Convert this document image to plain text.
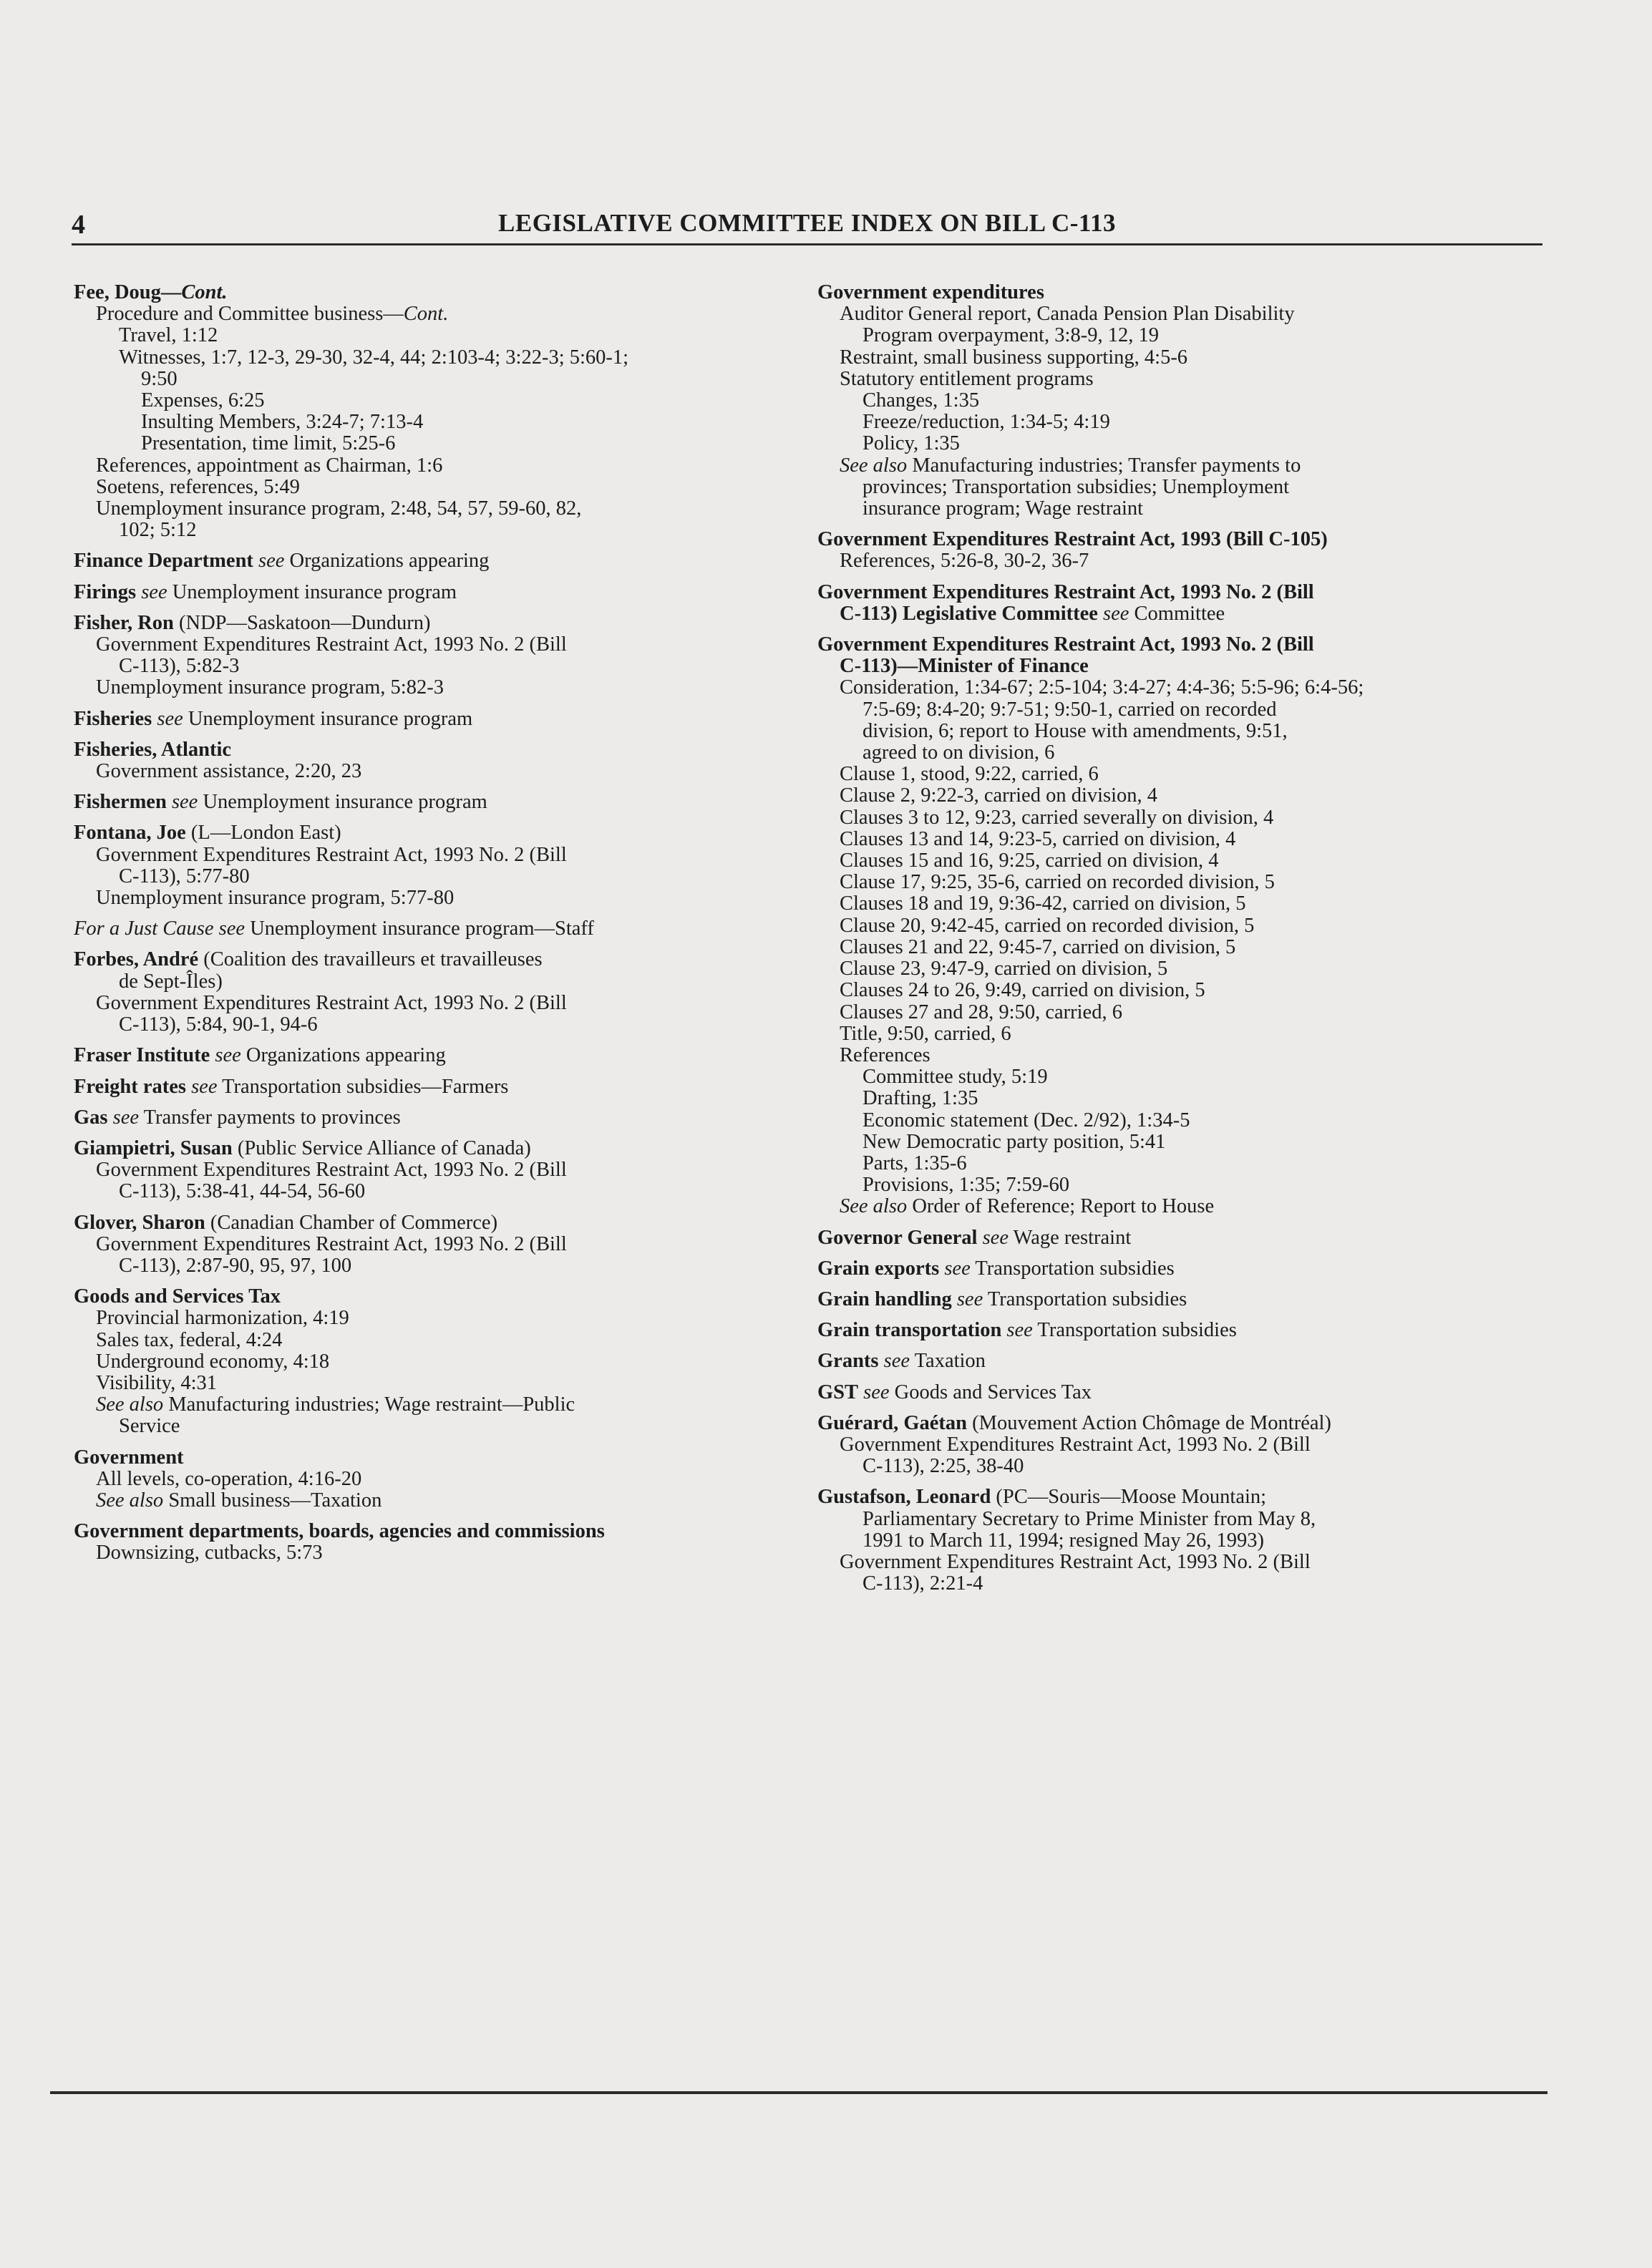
4	LEGISLATIVE COMMITTEE INDEX ON BILL C-113
Fee, Doug—Cont.
Procedure and Committee business—Cont.
Travel, 1:12
Witnesses, 1:7, 12-3, 29-30, 32-4, 44; 2:103-4; 3:22-3; 5:60-1;
9:50
Expenses, 6:25
Insulting Members, 3:24-7; 7:13-4
Presentation, time limit, 5:25-6
References, appointment as Chairman, 1:6
Soetens, references, 5:49
Unemployment insurance program, 2:48, 54, 57, 59-60, 82,
102; 5:12
Finance Department see Organizations appearing
Firings see Unemployment insurance program
Fisher, Ron (NDP—Saskatoon—Dundurn)
Government Expenditures Restraint Act, 1993 No. 2 (Bill
C-113), 5:82-3
Unemployment insurance program, 5:82-3
Fisheries see Unemployment insurance program
Fisheries, Atlantic
Government assistance, 2:20, 23
Fishermen see Unemployment insurance program
Fontana, Joe (L—London East)
Government Expenditures Restraint Act, 1993 No. 2 (Bill
C-113), 5:77-80
Unemployment insurance program, 5:77-80
For a Just Cause see Unemployment insurance program—Staff
Forbes, André (Coalition des travailleurs et travailleuses
de Sept-Îles)
Government Expenditures Restraint Act, 1993 No. 2 (Bill
C-113), 5:84, 90-1, 94-6
Fraser Institute see Organizations appearing
Freight rates see Transportation subsidies—Farmers
Gas see Transfer payments to provinces
Giampietri, Susan (Public Service Alliance of Canada)
Government Expenditures Restraint Act, 1993 No. 2 (Bill
C-113), 5:38-41, 44-54, 56-60
Glover, Sharon (Canadian Chamber of Commerce)
Government Expenditures Restraint Act, 1993 No. 2 (Bill
C-113), 2:87-90, 95, 97, 100
Goods and Services Tax
Provincial harmonization, 4:19
Sales tax, federal, 4:24
Underground economy, 4:18
Visibility, 4:31
See also Manufacturing industries; Wage restraint—Public
Service
Government
All levels, co-operation, 4:16-20
See also Small business—Taxation
Government departments, boards, agencies and commissions
Downsizing, cutbacks, 5:73
Government expenditures
Auditor General report, Canada Pension Plan Disability
Program overpayment, 3:8-9, 12, 19
Restraint, small business supporting, 4:5-6
Statutory entitlement programs
Changes, 1:35
Freeze/reduction, 1:34-5; 4:19
Policy, 1:35
See also Manufacturing industries; Transfer payments to
provinces; Transportation subsidies; Unemployment
insurance program; Wage restraint
Government Expenditures Restraint Act, 1993 (Bill C-105)
References, 5:26-8, 30-2, 36-7
Government Expenditures Restraint Act, 1993 No. 2 (Bill
C-113) Legislative Committee see Committee
Government Expenditures Restraint Act, 1993 No. 2 (Bill
C-113)—Minister of Finance
Consideration, 1:34-67; 2:5-104; 3:4-27; 4:4-36; 5:5-96; 6:4-56;
7:5-69; 8:4-20; 9:7-51; 9:50-1, carried on recorded
division, 6; report to House with amendments, 9:51,
agreed to on division, 6
Clause 1, stood, 9:22, carried, 6
Clause 2, 9:22-3, carried on division, 4
Clauses 3 to 12, 9:23, carried severally on division, 4
Clauses 13 and 14, 9:23-5, carried on division, 4
Clauses 15 and 16, 9:25, carried on division, 4
Clause 17, 9:25, 35-6, carried on recorded division, 5
Clauses 18 and 19, 9:36-42, carried on division, 5
Clause 20, 9:42-45, carried on recorded division, 5
Clauses 21 and 22, 9:45-7, carried on division, 5
Clause 23, 9:47-9, carried on division, 5
Clauses 24 to 26, 9:49, carried on division, 5
Clauses 27 and 28, 9:50, carried, 6
Title, 9:50, carried, 6
References
Committee study, 5:19
Drafting, 1:35
Economic statement (Dec. 2/92), 1:34-5
New Democratic party position, 5:41
Parts, 1:35-6
Provisions, 1:35; 7:59-60
See also Order of Reference; Report to House
Governor General see Wage restraint
Grain exports see Transportation subsidies
Grain handling see Transportation subsidies
Grain transportation see Transportation subsidies
Grants see Taxation
GST see Goods and Services Tax
Guérard, Gaétan (Mouvement Action Chômage de Montréal)
Government Expenditures Restraint Act, 1993 No. 2 (Bill
C-113), 2:25, 38-40
Gustafson, Leonard (PC—Souris—Moose Mountain;
Parliamentary Secretary to Prime Minister from May 8,
1991 to March 11, 1994; resigned May 26, 1993)
Government Expenditures Restraint Act, 1993 No. 2 (Bill
C-113), 2:21-4
